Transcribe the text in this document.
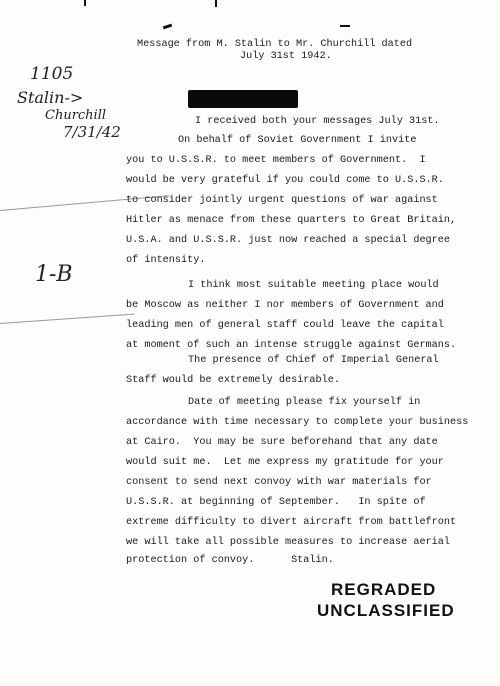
Message from M. Stalin to Mr. Churchill dated
July 31st 1942.
1105
Stalin->
Churchill
7/31/42
1-B
I received both your messages July 31st.
On behalf of Soviet Government I invite
you to U.S.S.R. to meet members of Government.  I
would be very grateful if you could come to U.S.S.R.
to consider jointly urgent questions of war against
Hitler as menace from these quarters to Great Britain,
U.S.A. and U.S.S.R. just now reached a special degree
of intensity.
I think most suitable meeting place would
be Moscow as neither I nor members of Government and
leading men of general staff could leave the capital
at moment of such an intense struggle against Germans.
The presence of Chief of Imperial General
Staff would be extremely desirable.
Date of meeting please fix yourself in
accordance with time necessary to complete your business
at Cairo.  You may be sure beforehand that any date
would suit me.  Let me express my gratitude for your
consent to send next convoy with war materials for
U.S.S.R. at beginning of September.   In spite of
extreme difficulty to divert aircraft from battlefront
we will take all possible measures to increase aerial
protection of convoy.      Stalin.
REGRADED
UNCLASSIFIED
